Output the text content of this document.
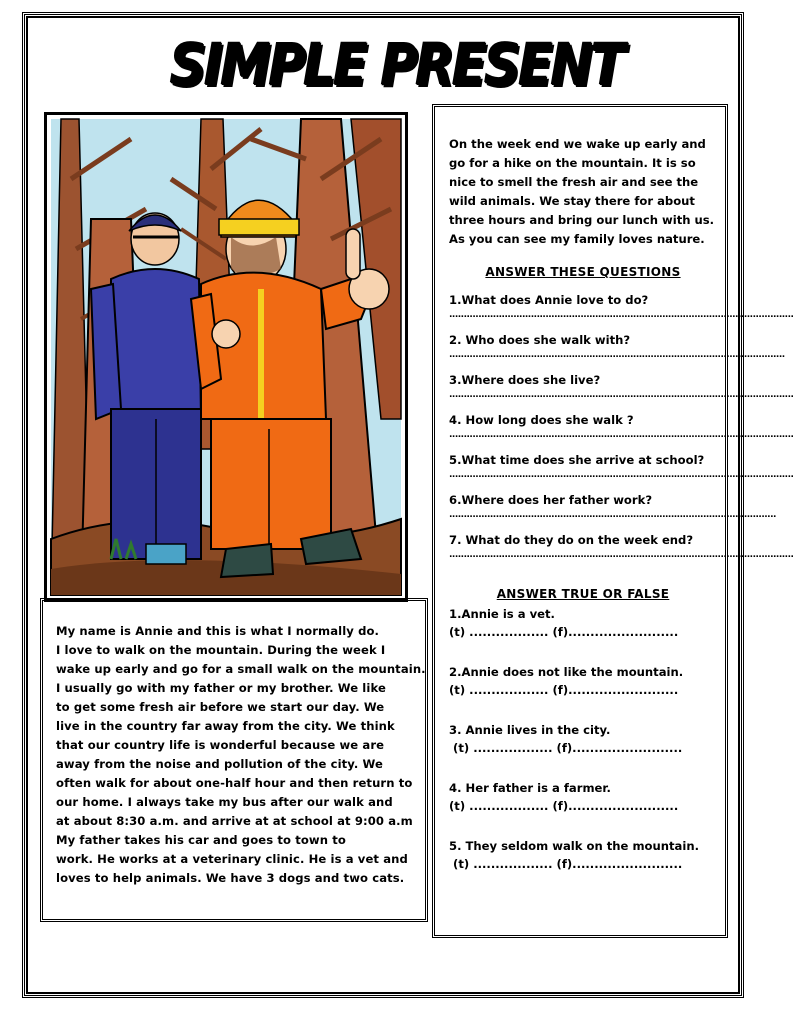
SIMPLE PRESENT
My name is Annie and this is what I normally do.
I love to walk on the mountain. During the week I
wake up early and go for a small walk on the mountain.
I usually go with my father or my brother. We like
to get some fresh air before we start our day. We
live in the country far away from the city. We think
that our country life is wonderful because we are
away from the noise and pollution of the city. We
often walk for about one-half hour and then return to
our home. I always take my bus after our walk and
at about 8:30 a.m. and arrive at at school at 9:00 a.m
My father takes his car and goes to town to
work. He works at a veterinary clinic. He is a vet and
loves to help animals. We have 3 dogs and two cats.
On the week end we wake up early and
go for a hike on the mountain. It is so
nice to smell the fresh air and see the
wild animals. We stay there for about
three hours and bring our lunch with us.
As you can see my family loves nature.
ANSWER THESE QUESTIONS
1.What does Annie love to do?
......................................................................................................................
2. Who does she walk with?
...................................................................................................................
3.Where does she live?
......................................................................................................................
4. How long does she walk ?
......................................................................................................................
5.What time does she arrive at school?
......................................................................................................................
6.Where does her father work?
................................................................................................................
7. What do they do on the week end?
......................................................................................................................
ANSWER TRUE OR FALSE
1.Annie is a vet.
(t) .................. (f).........................
2.Annie does not like the mountain.
(t) .................. (f).........................
3. Annie lives in the city.
(t) .................. (f).........................
4. Her father is a farmer.
(t) .................. (f).........................
5. They seldom walk on the mountain.
(t) .................. (f).........................
